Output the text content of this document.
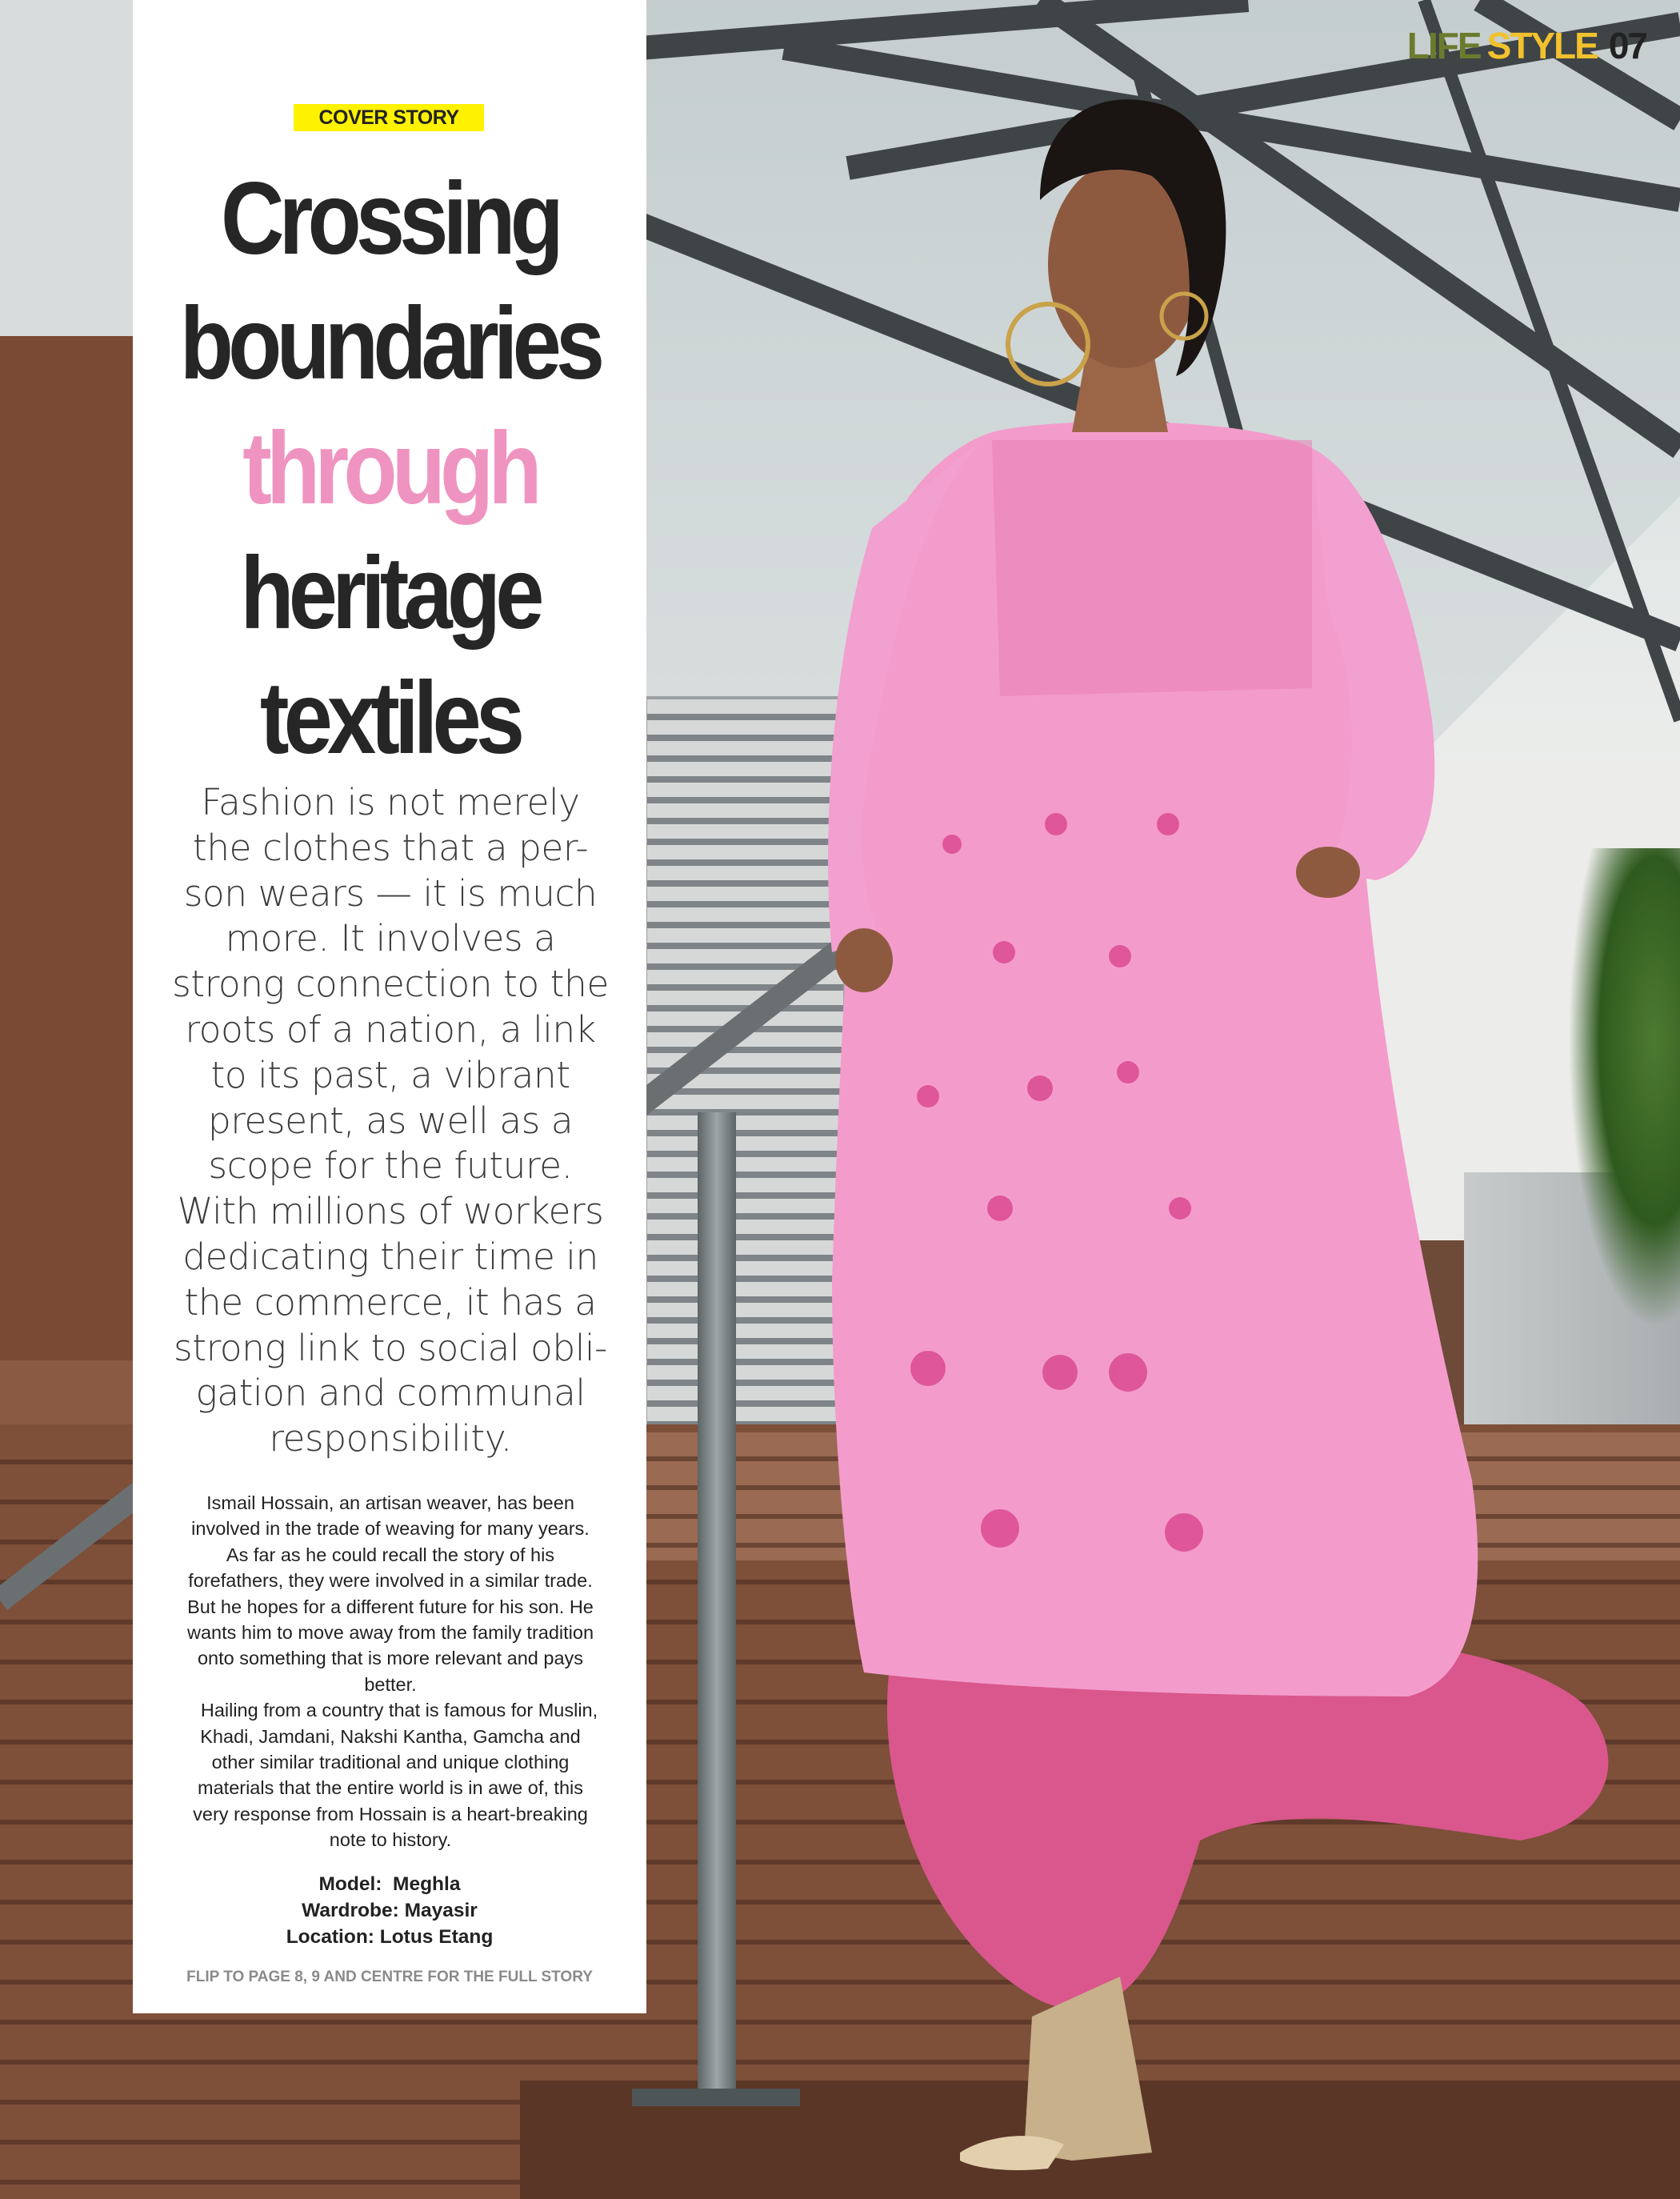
LIFE STYLE 07
COVER STORY
Crossing
boundaries
through
heritage
textiles
Fashion is not merely the clothes that a per- son wears — it is much more. It involves a strong connection to the roots of a nation, a link to its past, a vibrant present, as well as a scope for the future. With millions of workers dedicating their time in the commerce, it has a strong link to social obli- gation and communal responsibility.

Ismail Hossain, an artisan weaver, has been involved in the trade of weaving for many years. As far as he could recall the story of his forefathers, they were involved in a similar trade. But he hopes for a different future for his son. He wants him to move away from the family tradition onto something that is more relevant and pays better.

Hailing from a country that is famous for Muslin, Khadi, Jamdani, Nakshi Kantha, Gamcha and other similar traditional and unique clothing materials that the entire world is in awe of, this very response from Hossain is a heart-breaking note to history.

Model:  Meghla
Wardrobe: Mayasir
Location: Lotus Etang
FLIP TO PAGE 8, 9 AND CENTRE FOR THE FULL STORY
